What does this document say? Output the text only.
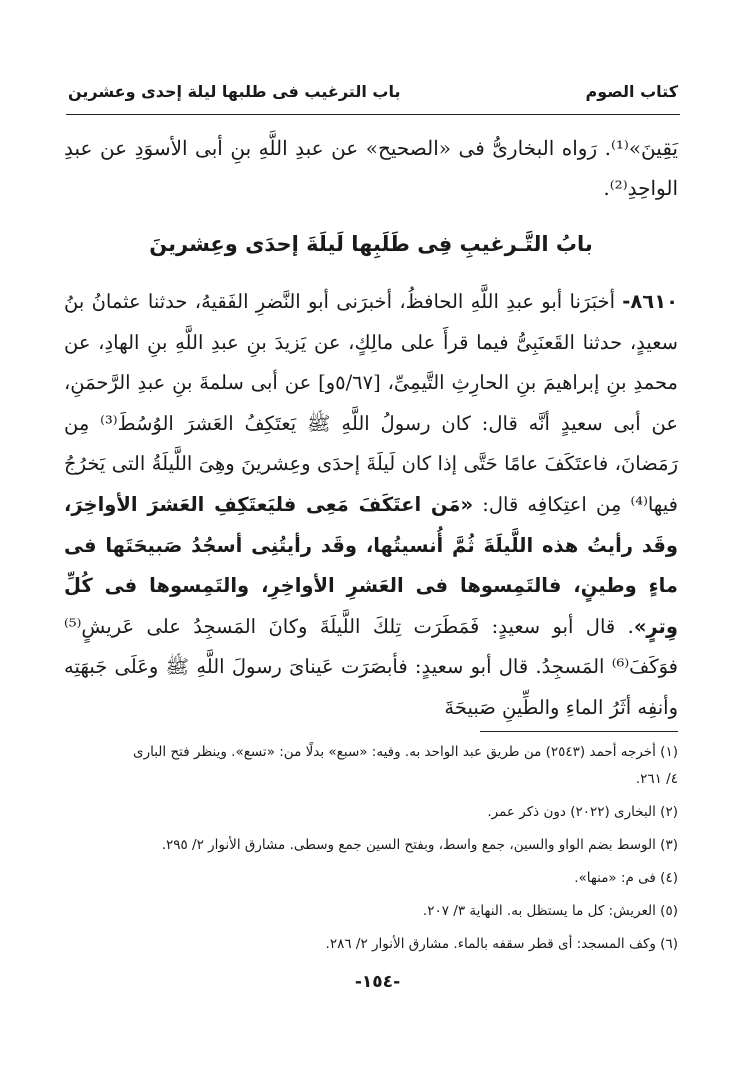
كتاب الصوم
باب الترغيب فى طلبها ليلة إحدى وعشرين

يَقِينَ»⁽¹⁾. رَواه البخارىُّ فى «الصحيح» عن عبدِ اللَّهِ بنِ أبى الأسوَدِ عن عبدِ الواحِدِ⁽²⁾.

بابُ التَّـرغيبِ فِى طَلَبِها لَيلَةَ إحدَى وعِشرينَ

٨٦١٠- أخبَرَنا أبو عبدِ اللَّهِ الحافظُ، أخبرَنى أبو النَّضرِ الفَقيهُ، حدثنا عثمانُ بنُ سعيدٍ، حدثنا القَعنَبِىُّ فيما قرأَ على مالِكٍ، عن يَزيدَ بنِ عبدِ اللَّهِ بنِ الهادِ، عن محمدِ بنِ إبراهيمَ بنِ الحارِثِ التَّيمِىِّ، [٥/٦٧و] عن أبى سلمةَ بنِ عبدِ الرَّحمَنِ، عن أبى سعيدٍ أنَّه قال: كان رسولُ اللَّهِ ﷺ يَعتَكِفُ العَشرَ الوُسُطَ⁽³⁾ مِن رَمَضانَ، فاعتَكَفَ عامًا حَتَّى إذا كان لَيلَةَ إحدَى وعِشرينَ وهِىَ اللَّيلَةُ التى يَخرُجُ فيها⁽⁴⁾ مِن اعتِكافِه قال: «مَن اعتَكَفَ مَعِى فليَعتَكِفِ العَشرَ الأواخِرَ، وقَد رأيتُ هذه اللَّيلَةَ ثُمَّ أُنسيتُها، وقَد رأيتُنِى أسجُدُ صَبيحَتَها فى ماءٍ وطينٍ، فالتَمِسوها فى العَشرِ الأواخِرِ، والتَمِسوها فى كُلِّ وِترٍ». قال أبو سعيدٍ: فَمَطَرَت تِلكَ اللَّيلَةَ وكانَ المَسجِدُ على عَريشٍ⁽⁵⁾ فوَكَفَ⁽⁶⁾ المَسجِدُ. قال أبو سعيدٍ: فأبصَرَت عَيناىَ رسولَ اللَّهِ ﷺ وعَلَى جَبهَتِه وأنفِه أثَرُ الماءِ والطِّينِ صَبيحَةَ

(١) أخرجه أحمد (٢٥٤٣) من طريق عبد الواحد به. وفيه: «سبع» بدلًا من: «تسع». وينظر فتح البارى

٤/ ٢٦١.

(٢) البخارى (٢٠٢٢) دون ذكر عمر.

(٣) الوسط بضم الواو والسين، جمع واسط، وبفتح السين جمع وسطى. مشارق الأنوار ٢/ ٢٩٥.

(٤) فى م: «منها».

(٥) العريش: كل ما يستظل به. النهاية ٣/ ٢٠٧.

(٦) وكف المسجد: أى قطر سقفه بالماء. مشارق الأنوار ٢/ ٢٨٦.

-١٥٤-
